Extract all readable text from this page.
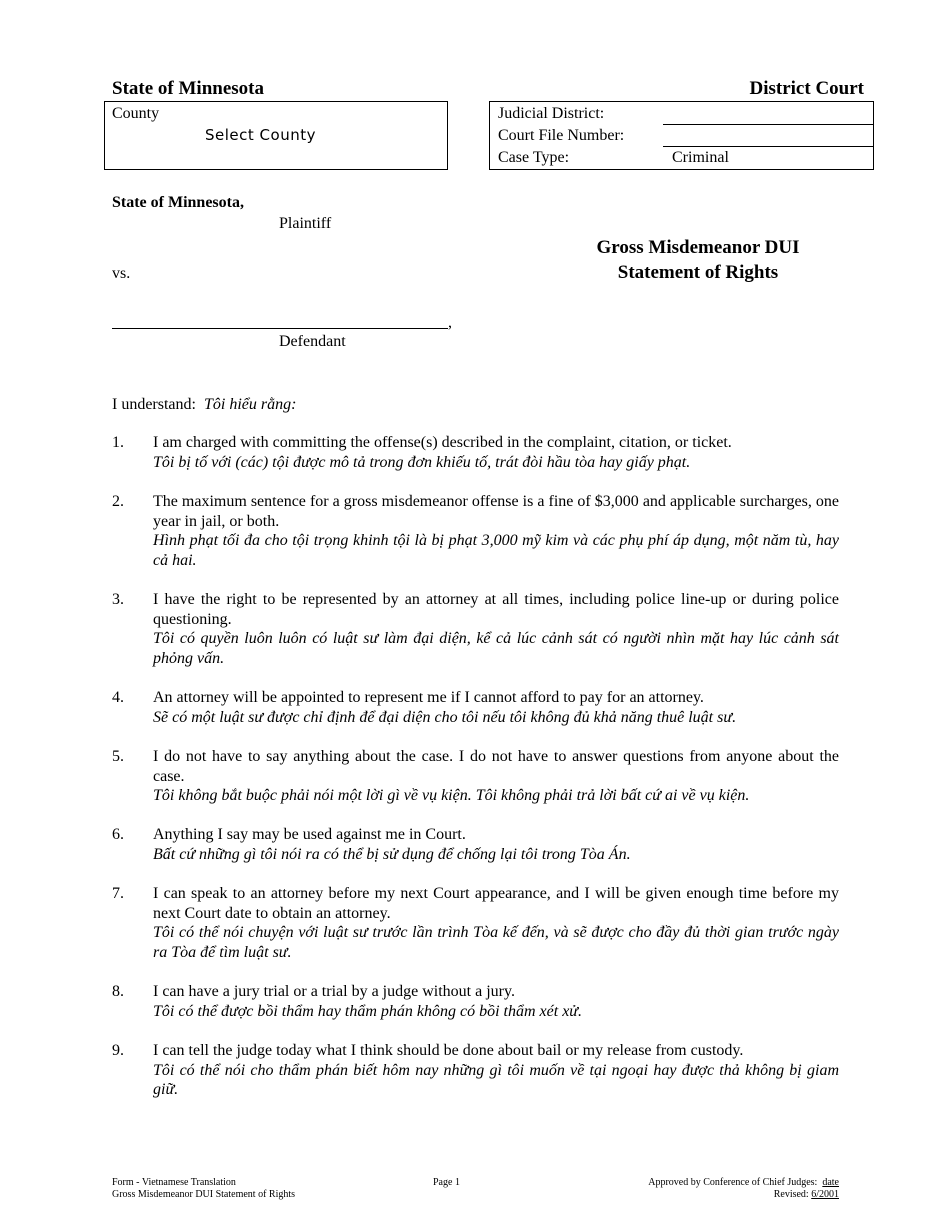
State of Minnesota	District Court
County
Select County
Judicial District:
Court File Number:
Case Type:	Criminal
State of Minnesota,
Plaintiff
vs.
,
Defendant
Gross Misdemeanor DUI
Statement of Rights
I understand: Tôi hiểu rằng:
1. I am charged with committing the offense(s) described in the complaint, citation, or ticket.
Tôi bị tố với (các) tội được mô tả trong đơn khiếu tố, trát đòi hầu tòa hay giấy phạt.
2. The maximum sentence for a gross misdemeanor offense is a fine of $3,000 and applicable surcharges, one year in jail, or both.
Hình phạt tối đa cho tội trọng khinh tội là bị phạt 3,000 mỹ kim và các phụ phí áp dụng, một năm tù, hay cả hai.
3. I have the right to be represented by an attorney at all times, including police line-up or during police questioning.
Tôi có quyền luôn luôn có luật sư làm đại diện, kể cả lúc cảnh sát có người nhìn mặt hay lúc cảnh sát phỏng vấn.
4. An attorney will be appointed to represent me if I cannot afford to pay for an attorney.
Sẽ có một luật sư được chỉ định để đại diện cho tôi nếu tôi không đủ khả năng thuê luật sư.
5. I do not have to say anything about the case. I do not have to answer questions from anyone about the case.
Tôi không bắt buộc phải nói một lời gì về vụ kiện. Tôi không phải trả lời bất cứ ai về vụ kiện.
6. Anything I say may be used against me in Court.
Bất cứ những gì tôi nói ra có thể bị sử dụng để chống lại tôi trong Tòa Án.
7. I can speak to an attorney before my next Court appearance, and I will be given enough time before my next Court date to obtain an attorney.
Tôi có thể nói chuyện với luật sư trước lần trình Tòa kế đến, và sẽ được cho đầy đủ thời gian trước ngày ra Tòa để tìm luật sư.
8. I can have a jury trial or a trial by a judge without a jury.
Tôi có thể được bồi thẩm hay thẩm phán không có bồi thẩm xét xử.
9. I can tell the judge today what I think should be done about bail or my release from custody.
Tôi có thể nói cho thẩm phán biết hôm nay những gì tôi muốn về tại ngoại hay được thả không bị giam giữ.
Form - Vietnamese Translation
Gross Misdemeanor DUI Statement of Rights
Page 1	Approved by Conference of Chief Judges: date
Revised: 6/2001
